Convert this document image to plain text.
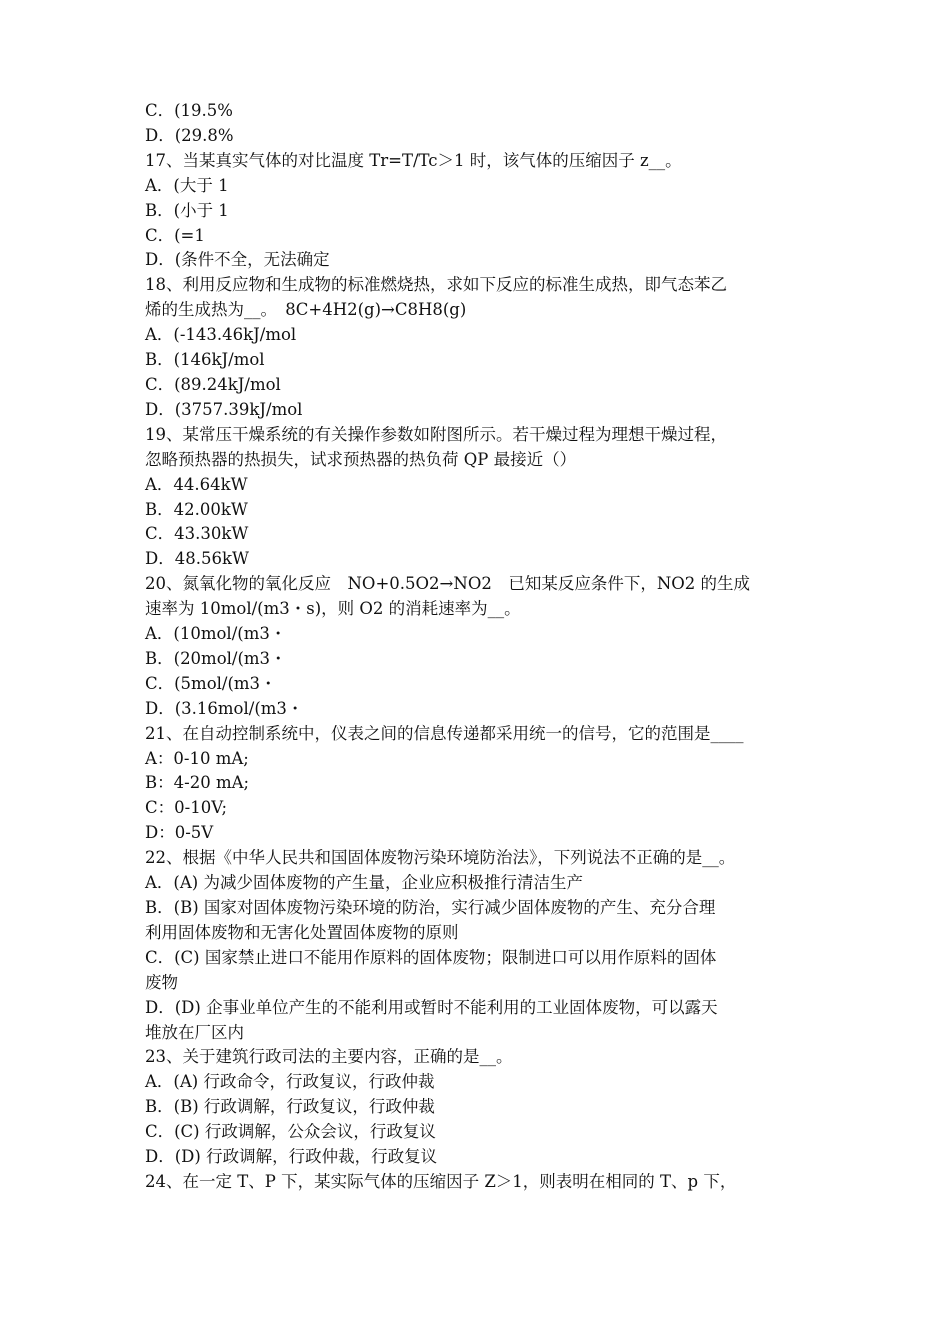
C．(19.5%
D．(29.8%
17、当某真实气体的对比温度 Tr=T/Tc＞1 时，该气体的压缩因子 z__。
A．(大于 1
B．(小于 1
C．(=1
D．(条件不全，无法确定
18、利用反应物和生成物的标准燃烧热，求如下反应的标准生成热，即气态苯乙
烯的生成热为__。　8C+4H2(g)→C8H8(g)
A．(-143.46kJ/mol
B．(146kJ/mol
C．(89.24kJ/mol
D．(3757.39kJ/mol
19、某常压干燥系统的有关操作参数如附图所示。若干燥过程为理想干燥过程，
忽略预热器的热损失，试求预热器的热负荷 QP 最接近（）
A．44.64kW
B．42.00kW
C．43.30kW
D．48.56kW
20、氮氧化物的氧化反应　NO+0.5O2→NO2　已知某反应条件下，NO2 的生成
速率为 10mol/(m3・s)，则 O2 的消耗速率为__。
A．(10mol/(m3・
B．(20mol/(m3・
C．(5mol/(m3・
D．(3.16mol/(m3・
21、在自动控制系统中，仪表之间的信息传递都采用统一的信号，它的范围是____
A：0-10 mA;
B：4-20 mA;
C：0-10V;
D：0-5V
22、根据《中华人民共和国固体废物污染环境防治法》，下列说法不正确的是__。
A．(A) 为减少固体废物的产生量，企业应积极推行清洁生产
B．(B) 国家对固体废物污染环境的防治，实行减少固体废物的产生、充分合理
利用固体废物和无害化处置固体废物的原则
C．(C) 国家禁止进口不能用作原料的固体废物；限制进口可以用作原料的固体
废物
D．(D) 企事业单位产生的不能利用或暂时不能利用的工业固体废物，可以露天
堆放在厂区内
23、关于建筑行政司法的主要内容，正确的是__。
A．(A) 行政命令，行政复议，行政仲裁
B．(B) 行政调解，行政复议，行政仲裁
C．(C) 行政调解，公众会议，行政复议
D．(D) 行政调解，行政仲裁，行政复议
24、在一定 T、P 下，某实际气体的压缩因子 Z＞1，则表明在相同的 T、p 下，
